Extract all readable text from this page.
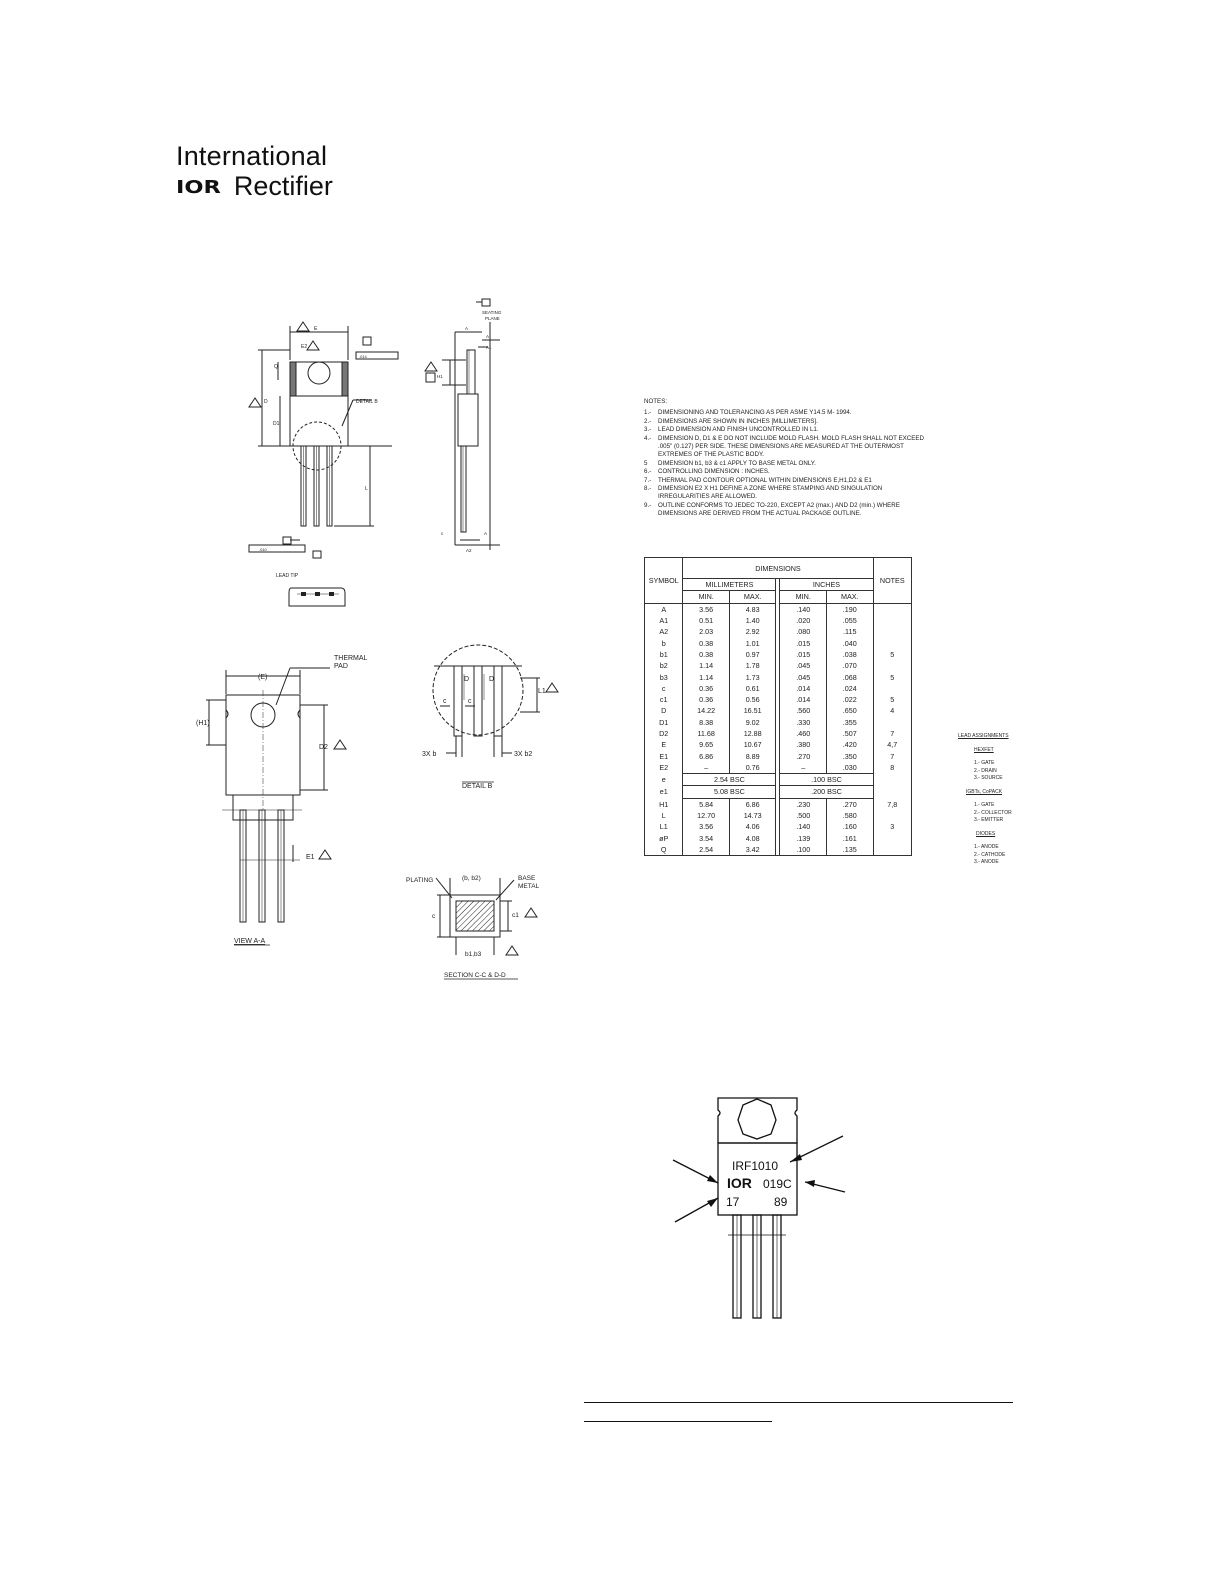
International
IOR Rectifier
E
E2
Q
D
D1
DETAIL B
L
.014
.010
LEAD TIP
SEATING
PLANE
A
A
A1
H1
c	A
A2
(E)
(H1)
D2
E1
THERMAL
PAD
VIEW A-A
D	D
c	c
L1
3X b	3X b2
DETAIL B
PLATING	(b, b2)	BASE
METAL
c	c1
b1,b3
SECTION C-C & D-D
NOTES:
1.-	DIMENSIONING AND TOLERANCING AS PER ASME Y14.5 M- 1994.
2.-	DIMENSIONS ARE SHOWN IN INCHES [MILLIMETERS].
3.-	LEAD DIMENSION AND FINISH UNCONTROLLED IN L1.
4.-	DIMENSION D, D1 & E DO NOT INCLUDE MOLD FLASH. MOLD FLASH SHALL NOT EXCEED .005" (0.127) PER SIDE. THESE DIMENSIONS ARE MEASURED AT THE OUTERMOST EXTREMES OF THE PLASTIC BODY.
5	DIMENSION b1, b3 & c1 APPLY TO BASE METAL ONLY.
6.-	CONTROLLING DIMENSION : INCHES.
7.-	THERMAL PAD CONTOUR OPTIONAL WITHIN DIMENSIONS E,H1,D2 & E1
8.-	DIMENSION E2 X H1 DEFINE A ZONE WHERE STAMPING AND SINGULATION IRREGULARITIES ARE ALLOWED.
9.-	OUTLINE CONFORMS TO JEDEC TO-220, EXCEPT A2 (max.) AND D2 (min.) WHERE DIMENSIONS ARE DERIVED FROM THE ACTUAL PACKAGE OUTLINE.
SYMBOL	DIMENSIONS					NOTES
	MILLIMETERS			INCHES		
	MIN.	MAX.		MIN.	MAX.	
A	3.56	4.83		.140	.190	
A1	0.51	1.40		.020	.055	
A2	2.03	2.92		.080	.115	
b	0.38	1.01		.015	.040	
b1	0.38	0.97		.015	.038	5
b2	1.14	1.78		.045	.070	
b3	1.14	1.73		.045	.068	5
c	0.36	0.61		.014	.024	
c1	0.36	0.56		.014	.022	5
D	14.22	16.51		.560	.650	4
D1	8.38	9.02		.330	.355	
D2	11.68	12.88		.460	.507	7
E	9.65	10.67		.380	.420	4,7
E1	6.86	8.89		.270	.350	7
E2	–	0.76		–	.030	8
e	2.54 BSC			.100 BSC		
e1	5.08 BSC			.200 BSC		
H1	5.84	6.86		.230	.270	7,8
L	12.70	14.73		.500	.580	
L1	3.56	4.06		.140	.160	3
øP	3.54	4.08		.139	.161	
Q	2.54	3.42		.100	.135	
LEAD ASSIGNMENTS
HEXFET
1.- GATE
2.- DRAIN
3.- SOURCE
IGBTs, CoPACK
1.- GATE
2.- COLLECTOR
3.- EMITTER
DIODES
1.- ANODE
2.- CATHODE
3.- ANODE
IRF1010
IOR 019C
17	89
